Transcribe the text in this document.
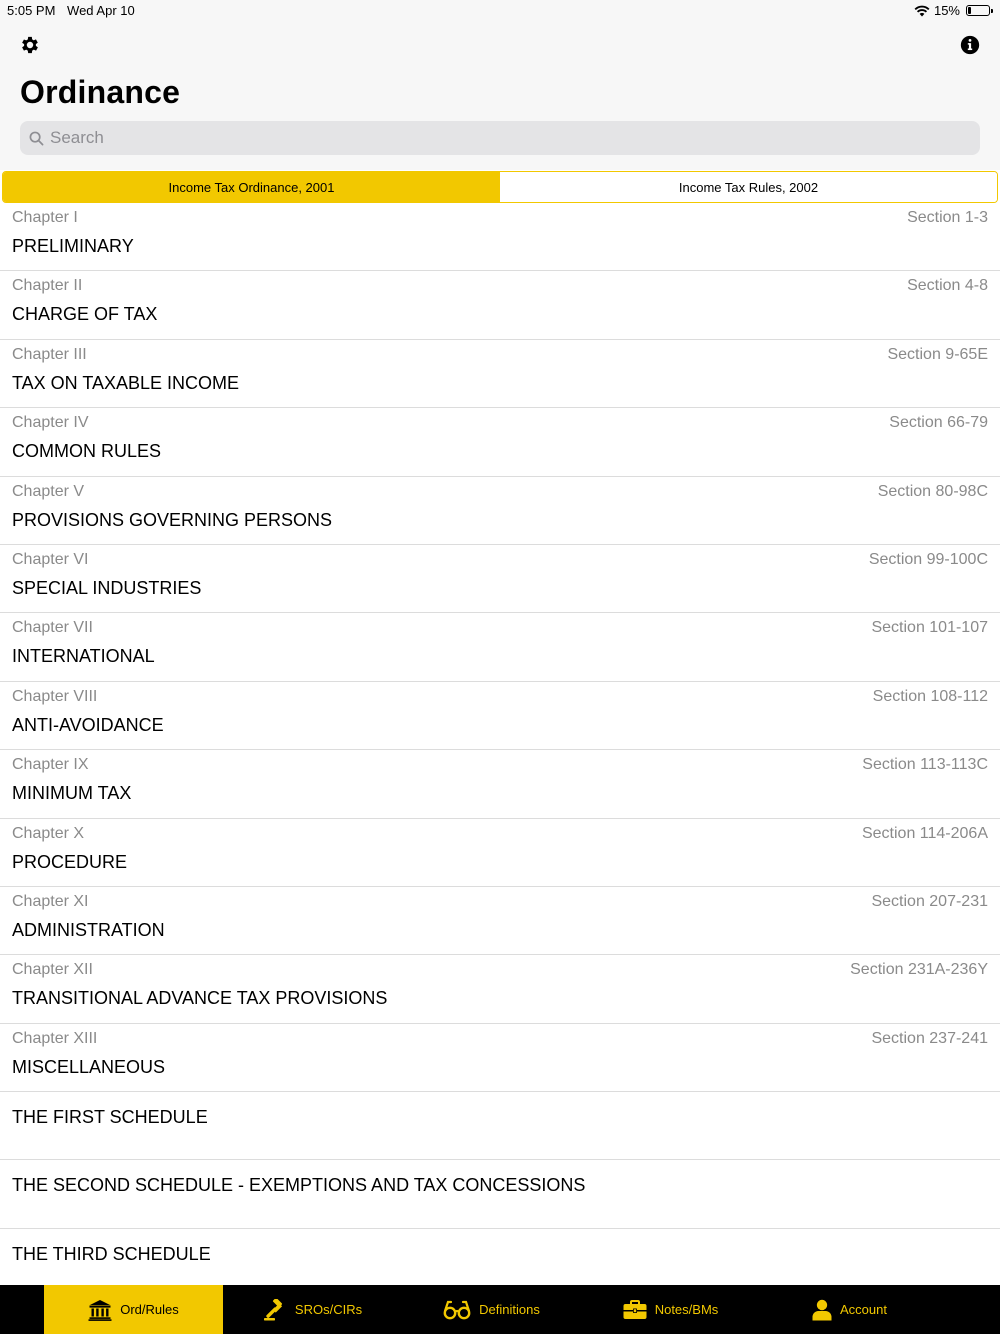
5:05 PM Wed Apr 10	15%
Ordinance
Search
Income Tax Ordinance, 2001	Income Tax Rules, 2002
Chapter I	Section 1-3
PRELIMINARY
Chapter II	Section 4-8
CHARGE OF TAX
Chapter III	Section 9-65E
TAX ON TAXABLE INCOME
Chapter IV	Section 66-79
COMMON RULES
Chapter V	Section 80-98C
PROVISIONS GOVERNING PERSONS
Chapter VI	Section 99-100C
SPECIAL INDUSTRIES
Chapter VII	Section 101-107
INTERNATIONAL
Chapter VIII	Section 108-112
ANTI-AVOIDANCE
Chapter IX	Section 113-113C
MINIMUM TAX
Chapter X	Section 114-206A
PROCEDURE
Chapter XI	Section 207-231
ADMINISTRATION
Chapter XII	Section 231A-236Y
TRANSITIONAL ADVANCE TAX PROVISIONS
Chapter XIII	Section 237-241
MISCELLANEOUS
THE FIRST SCHEDULE
THE SECOND SCHEDULE - EXEMPTIONS AND TAX CONCESSIONS
THE THIRD SCHEDULE
Ord/Rules	SROs/CIRs	Definitions	Notes/BMs	Account
